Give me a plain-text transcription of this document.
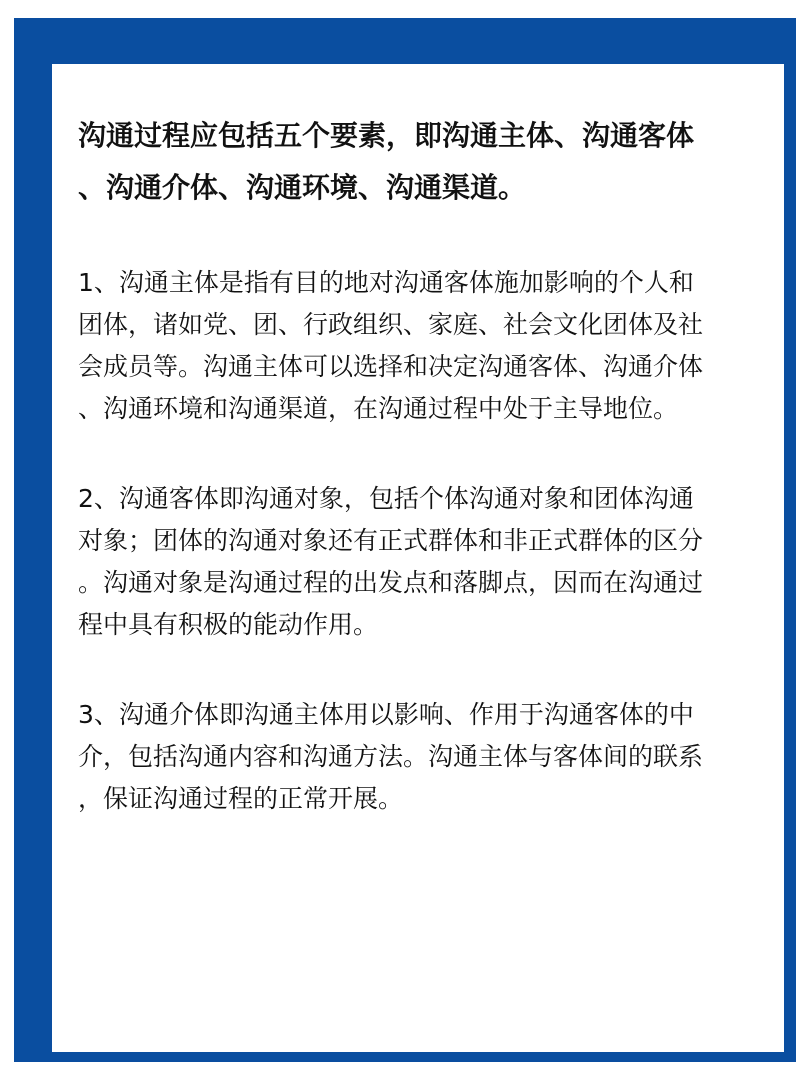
沟通过程应包括五个要素，即沟通主体、沟通客体
、沟通介体、沟通环境、沟通渠道。

1、沟通主体是指有目的地对沟通客体施加影响的个人和
团体，诸如党、团、行政组织、家庭、社会文化团体及社
会成员等。沟通主体可以选择和决定沟通客体、沟通介体
、沟通环境和沟通渠道，在沟通过程中处于主导地位。

2、沟通客体即沟通对象，包括个体沟通对象和团体沟通
对象；团体的沟通对象还有正式群体和非正式群体的区分
。沟通对象是沟通过程的出发点和落脚点，因而在沟通过
程中具有积极的能动作用。

3、沟通介体即沟通主体用以影响、作用于沟通客体的中
介，包括沟通内容和沟通方法。沟通主体与客体间的联系
，保证沟通过程的正常开展。
